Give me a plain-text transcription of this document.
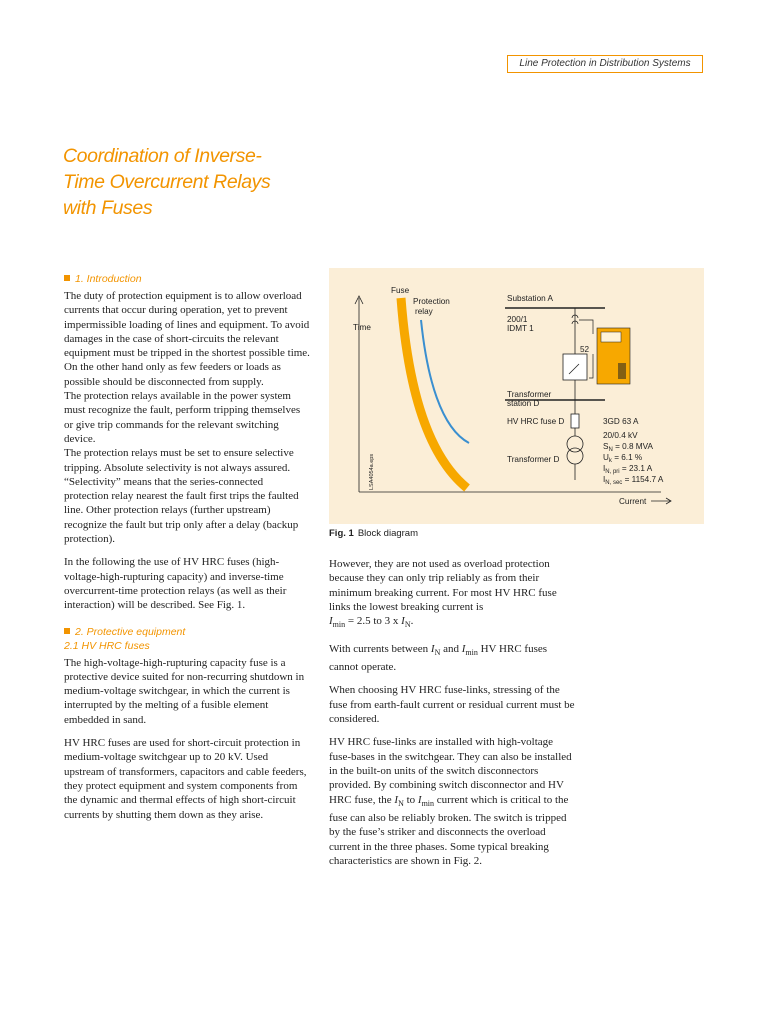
Line Protection in Distribution Systems
Coordination of Inverse-
Time Overcurrent Relays
with Fuses
1. Introduction

The duty of protection equipment is to allow overload currents that occur during operation, yet to prevent impermissible loading of lines and equipment. To avoid damages in the case of short-circuits the relevant equipment must be tripped in the shortest possible time. On the other hand only as few feeders or loads as possible should be disconnected from supply.

The protection relays available in the power system must recognize the fault, perform tripping themselves or give trip commands for the relevant switching device.

The protection relays must be set to ensure selective tripping. Absolute selectivity is not always assured. “Selectivity” means that the series-connected protection relay nearest the fault first trips the faulted line. Other protection relays (further upstream) recognize the fault but trip only after a delay (backup protection).

In the following the use of HV HRC fuses (high-voltage-high-rupturing capacity) and inverse-time overcurrent-time protection relays (as well as their interaction) will be described. See Fig. 1.

2. Protective equipment
2.1 HV HRC fuses

The high-voltage-high-rupturing capacity fuse is a protective device suited for non-recurring shutdown in medium-voltage switchgear, in which the current is interrupted by the melting of a fusible element embedded in sand.

HV HRC fuses are used for short-circuit protection in medium-voltage switchgear up to 20 kV. Used upstream of transformers, capacitors and cable feeders, they protect equipment and system components from the dynamic and thermal effects of high short-circuit currents by shutting them down as they arise.

Time
Current
LSA4054a.eps
Fuse
Protection
relay
Substation A
200/1
IDMT 1
52
Transformer
station D
HV HRC fuse D	3GD 63 A
Transformer D
20/0.4 kV
$S_N = 0.8$ MVA
$U_k = 6.1$ %
$I_{N, pri} = 23.1$ A
$I_{N, sec} = 1154.7$ A
Fig. 1 Block diagram

However, they are not used as overload protection because they can only trip reliably as from their minimum breaking current. For most HV HRC fuse links the lowest breaking current is

$I_{min} = 2.5$ to 3 x $I_N$.

With currents between $I_N$ and $I_{min}$ HV HRC fuses cannot operate.

When choosing HV HRC fuse-links, stressing of the fuse from earth-fault current or residual current must be considered.

HV HRC fuse-links are installed with high-voltage fuse-bases in the switchgear. They can also be installed in the built-on units of the switch disconnectors provided. By combining switch disconnector and HV HRC fuse, the $I_N$ to $I_{min}$ current which is critical to the fuse can also be reliably broken. The switch is tripped by the fuse’s striker and disconnects the overload current in the three phases. Some typical breaking characteristics are shown in Fig. 2.
